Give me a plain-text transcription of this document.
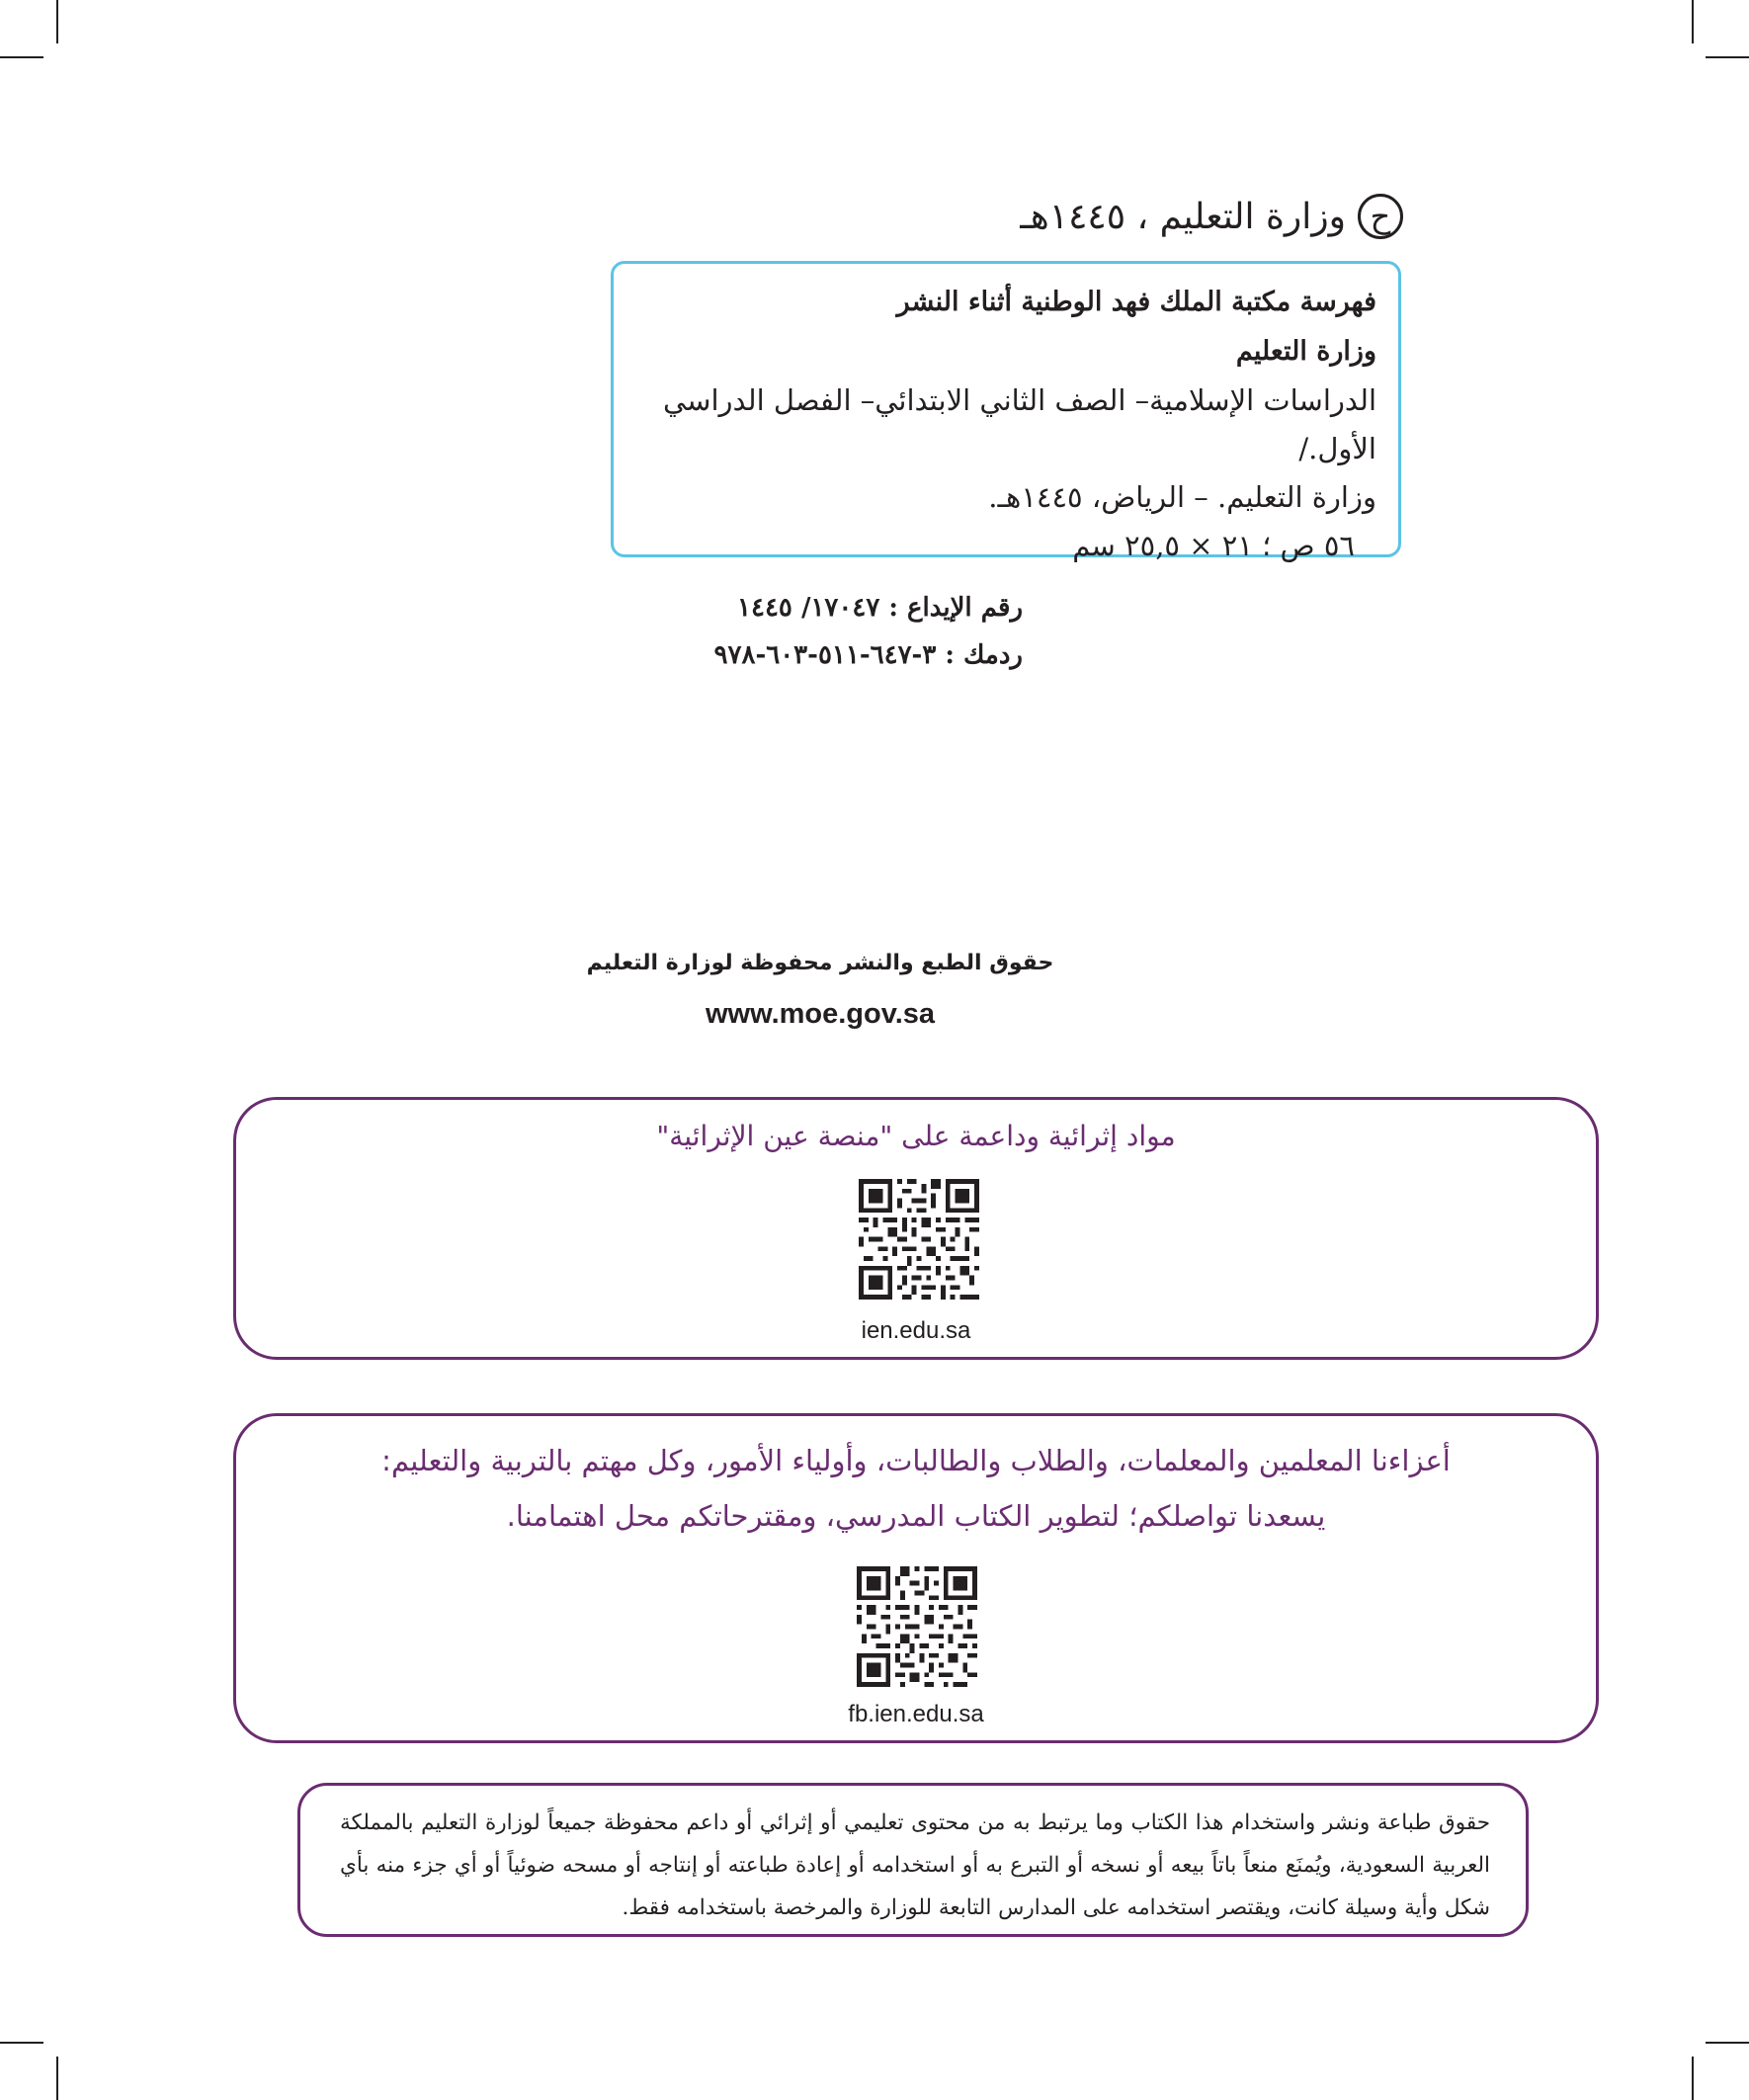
ح
وزارة التعليم ، ١٤٤٥هـ
فهرسة مكتبة الملك فهد الوطنية أثناء النشر
وزارة التعليم
الدراسات الإسلامية– الصف الثاني الابتدائي– الفصل الدراسي الأول./
وزارة التعليم. – الرياض، ١٤٤٥هـ.
٥٦ ص ؛ ٢١ × ٢٥,٥ سم
رقم الإيداع : ١٧٠٤٧/ ١٤٤٥
ردمك : ٣-٦٤٧-٥١١-٦٠٣-٩٧٨
حقوق الطبع والنشر محفوظة لوزارة التعليم
www.moe.gov.sa
مواد إثرائية وداعمة على "منصة عين الإثرائية"
ien.edu.sa
أعزاءنا المعلمين والمعلمات، والطلاب والطالبات، وأولياء الأمور، وكل مهتم بالتربية والتعليم:
يسعدنا تواصلكم؛ لتطوير الكتاب المدرسي، ومقترحاتكم محل اهتمامنا.
fb.ien.edu.sa
حقوق طباعة ونشر واستخدام هذا الكتاب وما يرتبط به من محتوى تعليمي أو إثرائي أو داعم محفوظة جميعاً لوزارة التعليم بالمملكة العربية السعودية، ويُمنَع منعاً باتاً بيعه أو نسخه أو التبرع به أو استخدامه أو إعادة طباعته أو إنتاجه أو مسحه ضوئياً أو أي جزء منه بأي شكل وأية وسيلة كانت، ويقتصر استخدامه على المدارس التابعة للوزارة والمرخصة باستخدامه فقط.
